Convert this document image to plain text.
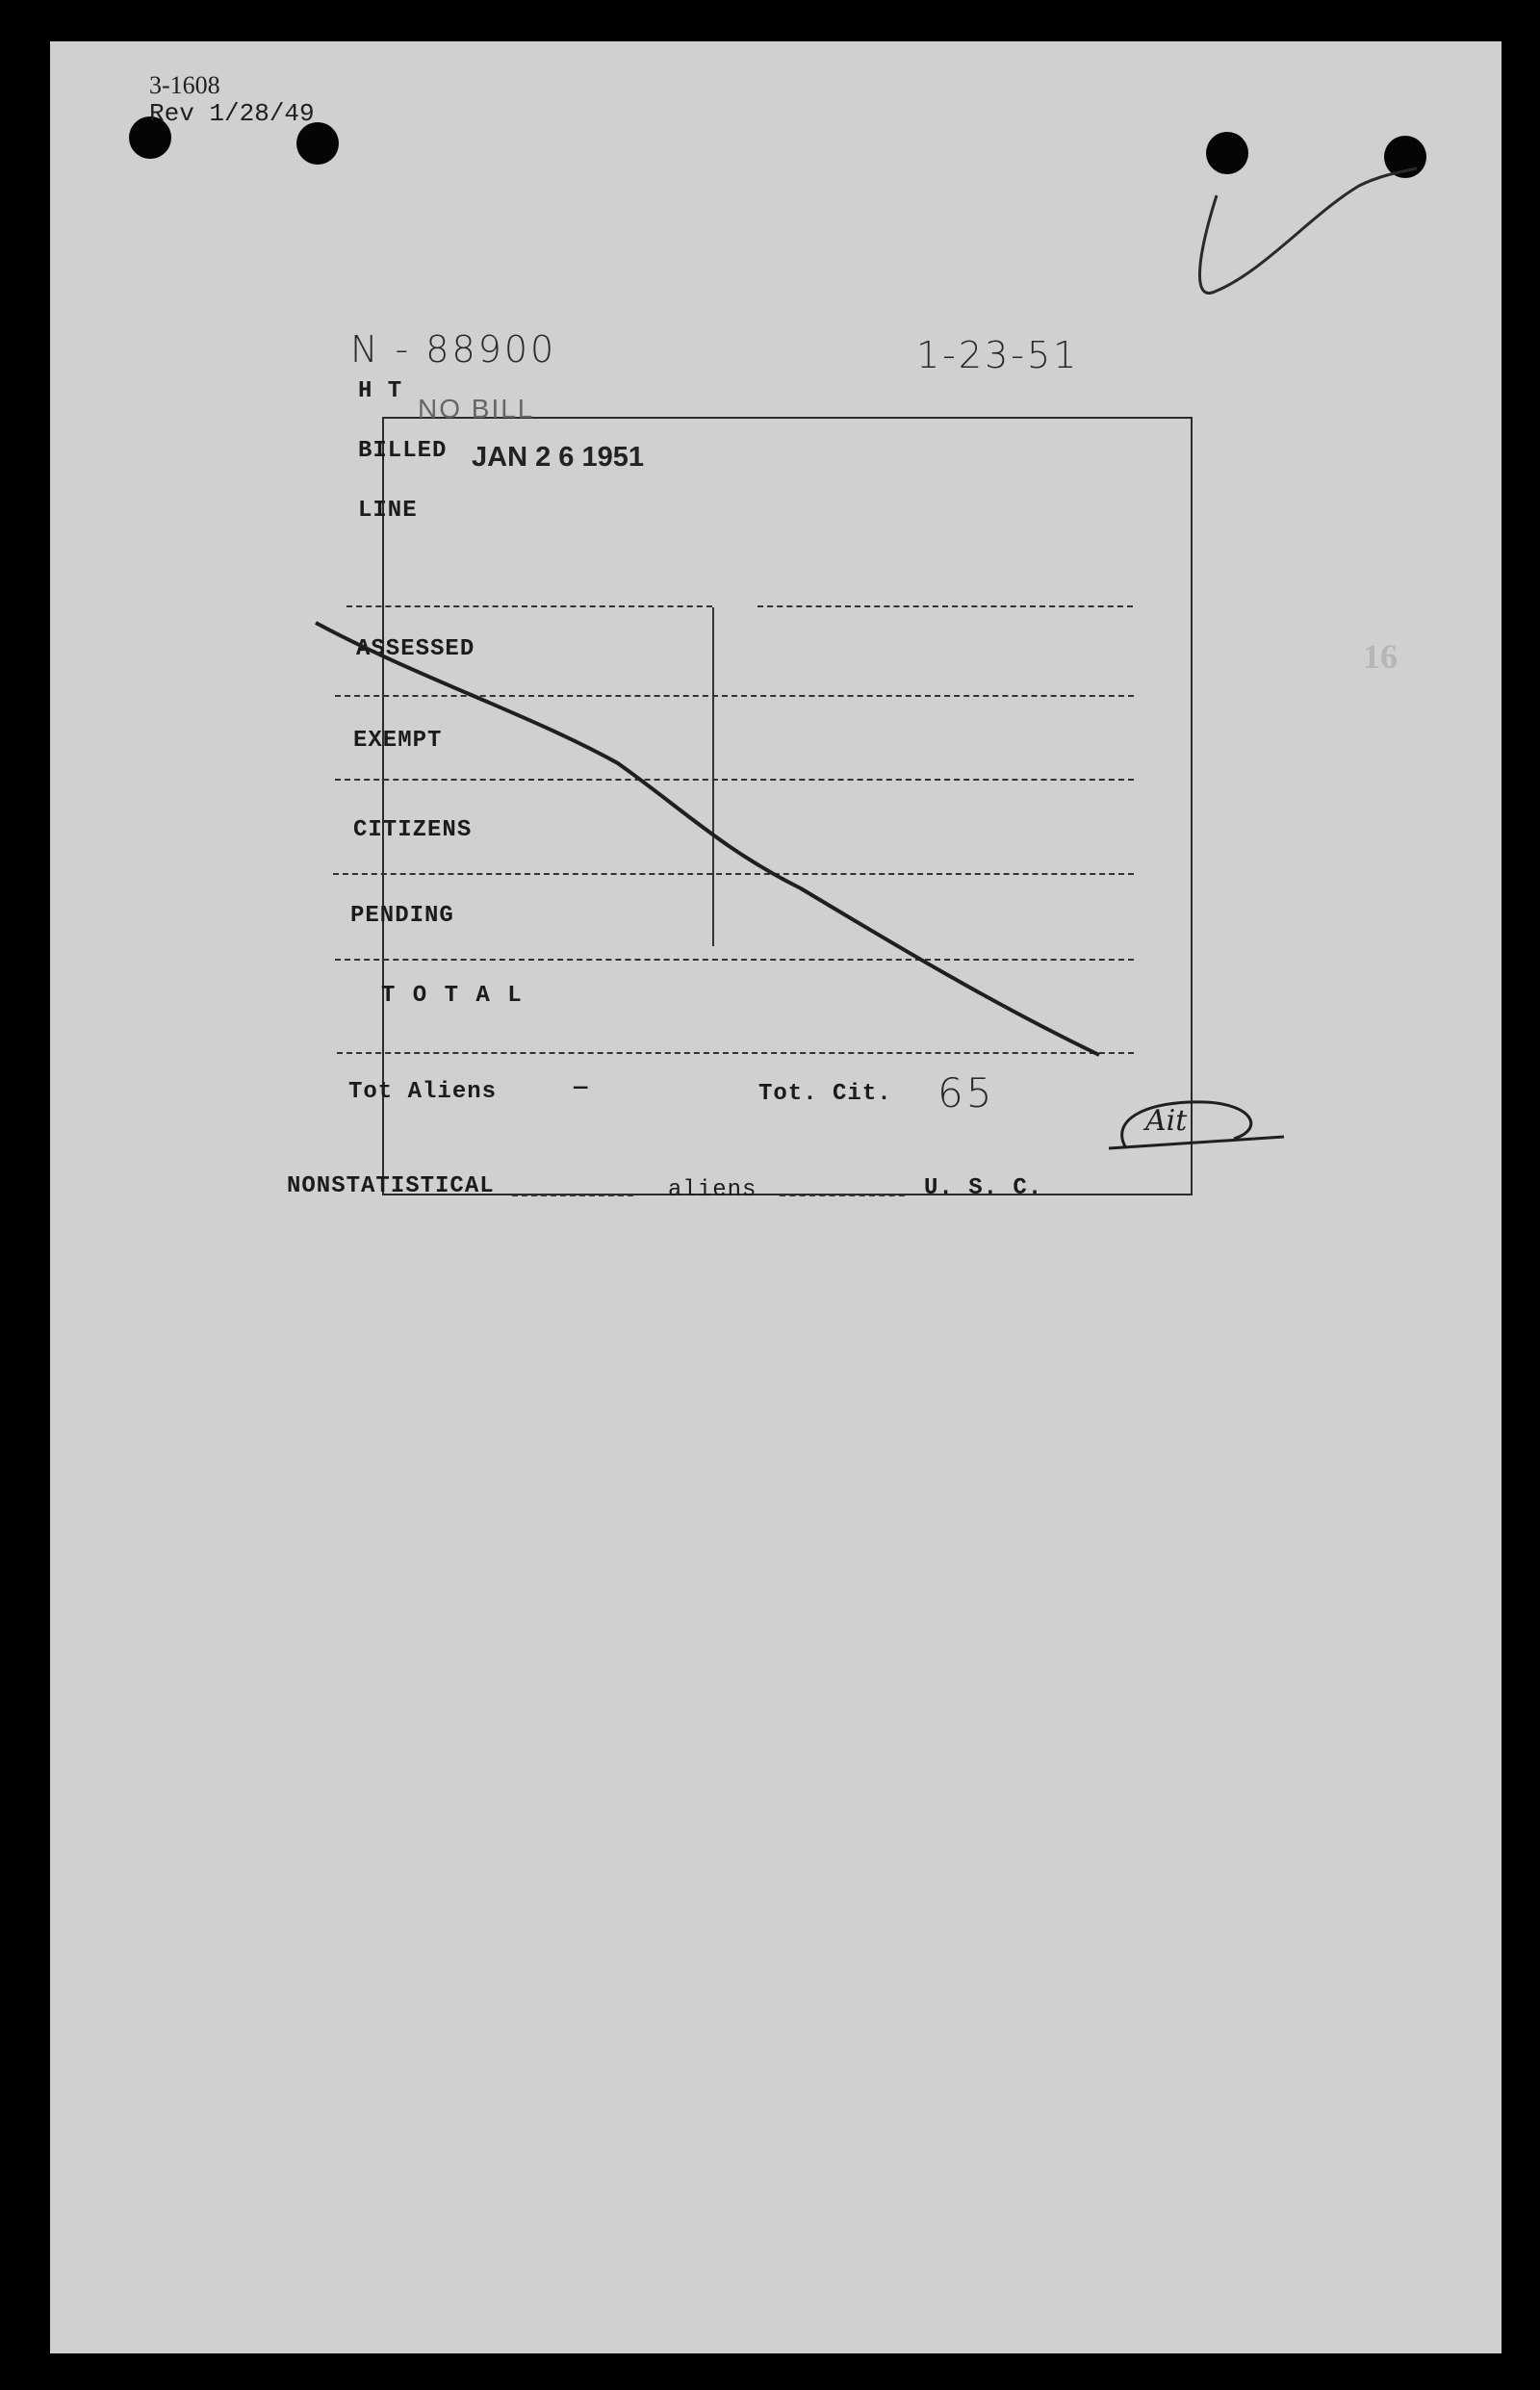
3-1608
Rev 1/28/49
N - 88900	1-23-51
16
H T
NO BILL
BILLED JAN 2 6 1951
LINE
ASSESSED
EXEMPT
CITIZENS
PENDING
T O T A L
Tot Aliens	—	Tot. Cit. 65
Ait
NONSTATISTICAL	aliens	U. S. C.
